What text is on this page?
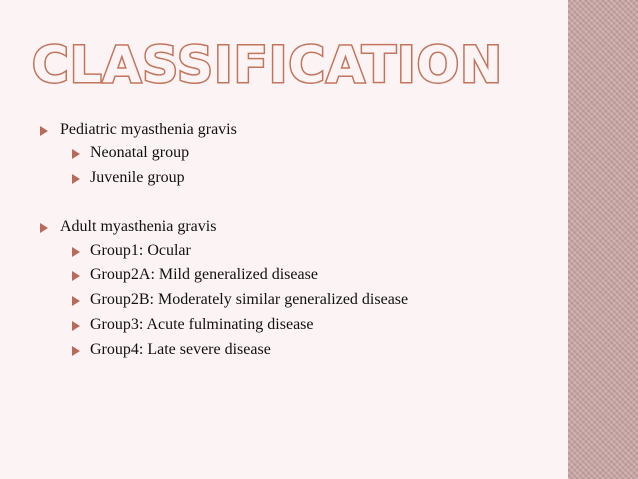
CLASSIFICATION
Pediatric myasthenia gravis
Neonatal group
Juvenile group
Adult myasthenia gravis
Group1: Ocular
Group2A: Mild generalized disease
Group2B: Moderately similar generalized disease
Group3: Acute fulminating disease
Group4: Late severe disease
